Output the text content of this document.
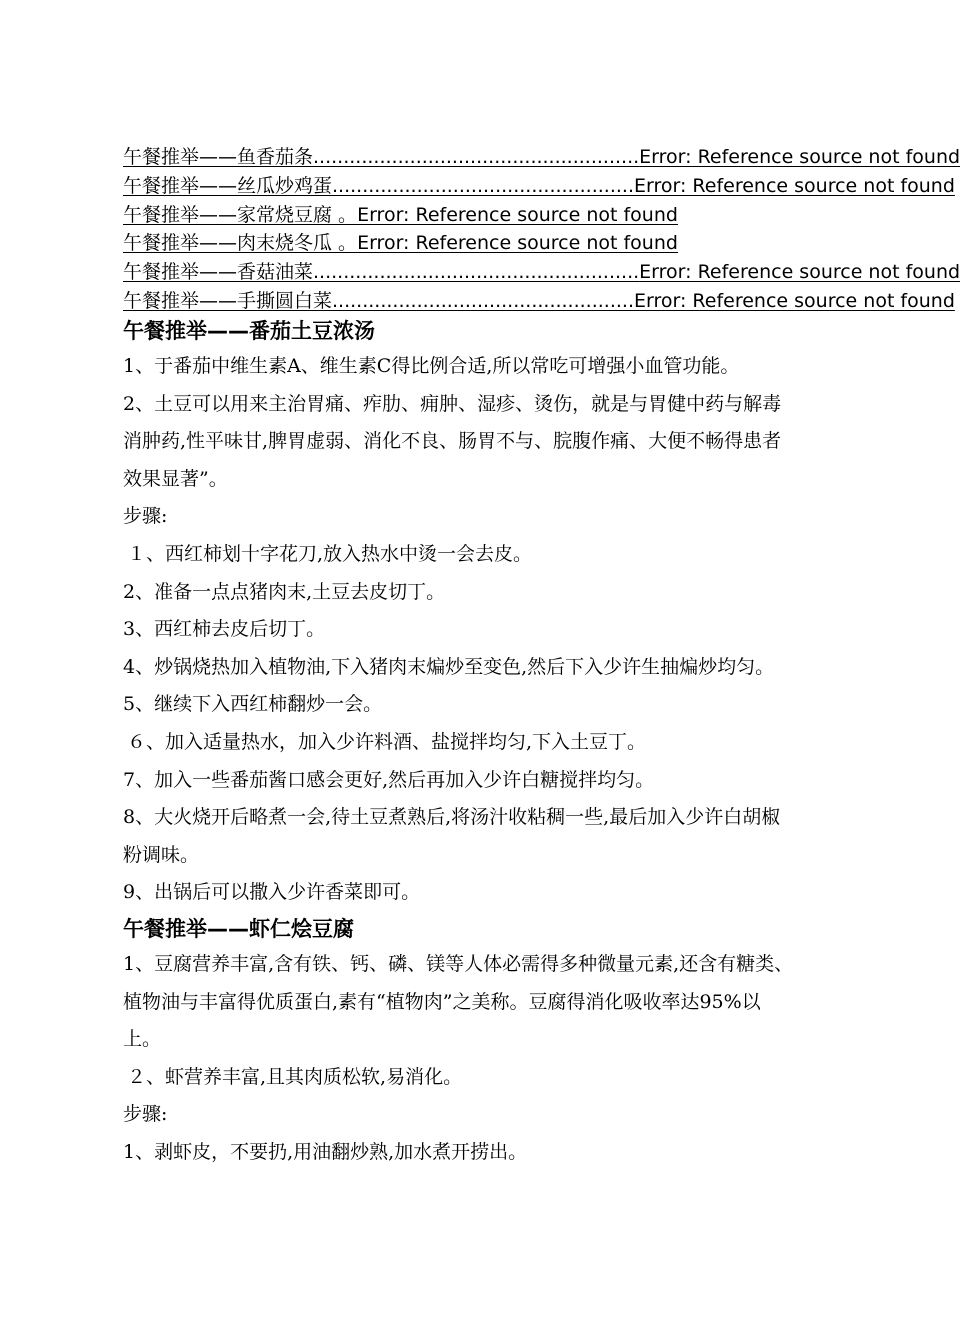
午餐推举——鱼香茄条......................................................Error: Reference source not found
午餐推举——丝瓜炒鸡蛋..................................................Error: Reference source not found
午餐推举——家常烧豆腐 。Error: Reference source not found
午餐推举——肉末烧冬瓜 。Error: Reference source not found
午餐推举——香菇油菜......................................................Error: Reference source not found
午餐推举——手撕圆白菜..................................................Error: Reference source not found
午餐推举——番茄土豆浓汤

1、于番茄中维生素A、维生素C得比例合适,所以常吃可增强小血管功能。

2、土豆可以用来主治胃痛、痄肋、痈肿、湿疹、烫伤，就是与胃健中药与解毒

消肿药,性平味甘,脾胃虚弱、消化不良、肠胃不与、脘腹作痛、大便不畅得患者

效果显著”。

步骤:

１、西红柿划十字花刀,放入热水中烫一会去皮。

2、准备一点点猪肉末,土豆去皮切丁。

3、西红柿去皮后切丁。

4、炒锅烧热加入植物油,下入猪肉末煸炒至变色,然后下入少许生抽煸炒均匀。

5、继续下入西红柿翻炒一会。

６、加入适量热水，加入少许料酒、盐搅拌均匀,下入土豆丁。

7、加入一些番茄酱口感会更好,然后再加入少许白糖搅拌均匀。

8、大火烧开后略煮一会,待土豆煮熟后,将汤汁收粘稠一些,最后加入少许白胡椒

粉调味。

9、出锅后可以撒入少许香菜即可。

午餐推举——虾仁烩豆腐

1、豆腐营养丰富,含有铁、钙、磷、镁等人体必需得多种微量元素,还含有糖类、

植物油与丰富得优质蛋白,素有“植物肉”之美称。豆腐得消化吸收率达95%以

上。

２、虾营养丰富,且其肉质松软,易消化。

步骤:

1、剥虾皮，不要扔,用油翻炒熟,加水煮开捞出。
